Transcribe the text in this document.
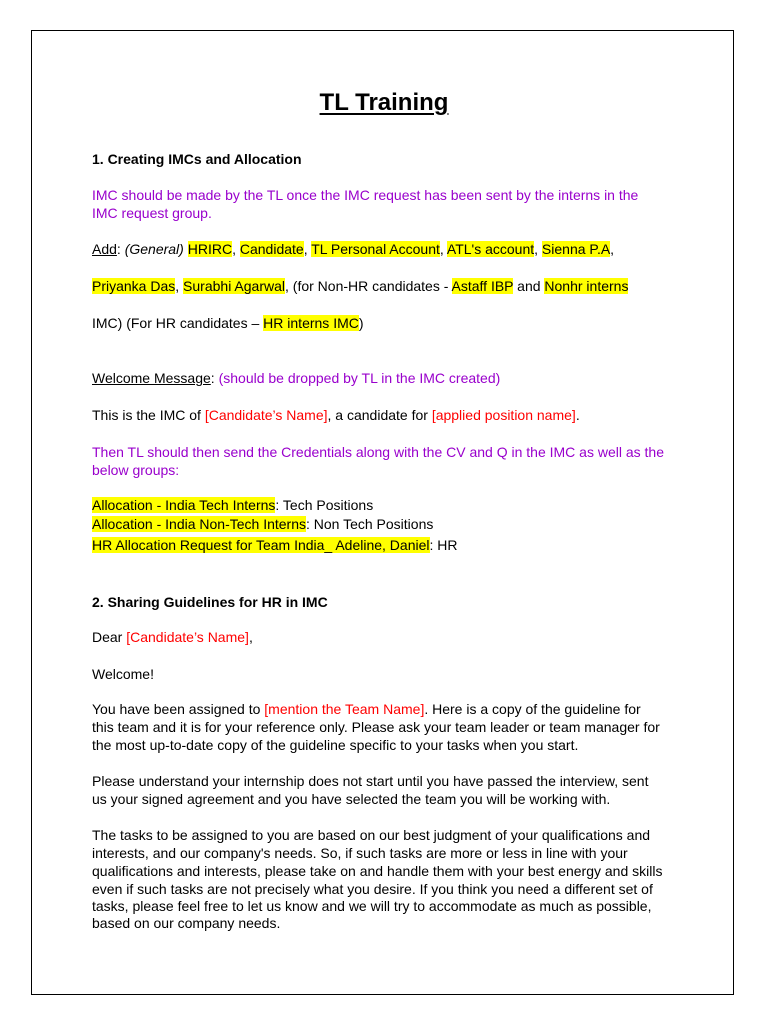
TL Training
1. Creating IMCs and Allocation
IMC should be made by the TL once the IMC request has been sent by the interns in the
IMC request group.
Add: (General) HRIRC, Candidate, TL Personal Account, ATL's account, Sienna P.A,
Priyanka Das, Surabhi Agarwal, (for Non-HR candidates - Astaff IBP and Nonhr interns
IMC) (For HR candidates – HR interns IMC)
Welcome Message: (should be dropped by TL in the IMC created)
This is the IMC of [Candidate’s Name], a candidate for [applied position name].
Then TL should then send the Credentials along with the CV and Q in the IMC as well as the
below groups:
Allocation - India Tech Interns: Tech Positions
Allocation - India Non-Tech Interns: Non Tech Positions
HR Allocation Request for Team India_ Adeline, Daniel: HR
2. Sharing Guidelines for HR in IMC
Dear [Candidate’s Name],
Welcome!
You have been assigned to [mention the Team Name]. Here is a copy of the guideline for
this team and it is for your reference only. Please ask your team leader or team manager for
the most up-to-date copy of the guideline specific to your tasks when you start.
Please understand your internship does not start until you have passed the interview, sent
us your signed agreement and you have selected the team you will be working with.
The tasks to be assigned to you are based on our best judgment of your qualifications and
interests, and our company's needs. So, if such tasks are more or less in line with your
qualifications and interests, please take on and handle them with your best energy and skills
even if such tasks are not precisely what you desire. If you think you need a different set of
tasks, please feel free to let us know and we will try to accommodate as much as possible,
based on our company needs.
